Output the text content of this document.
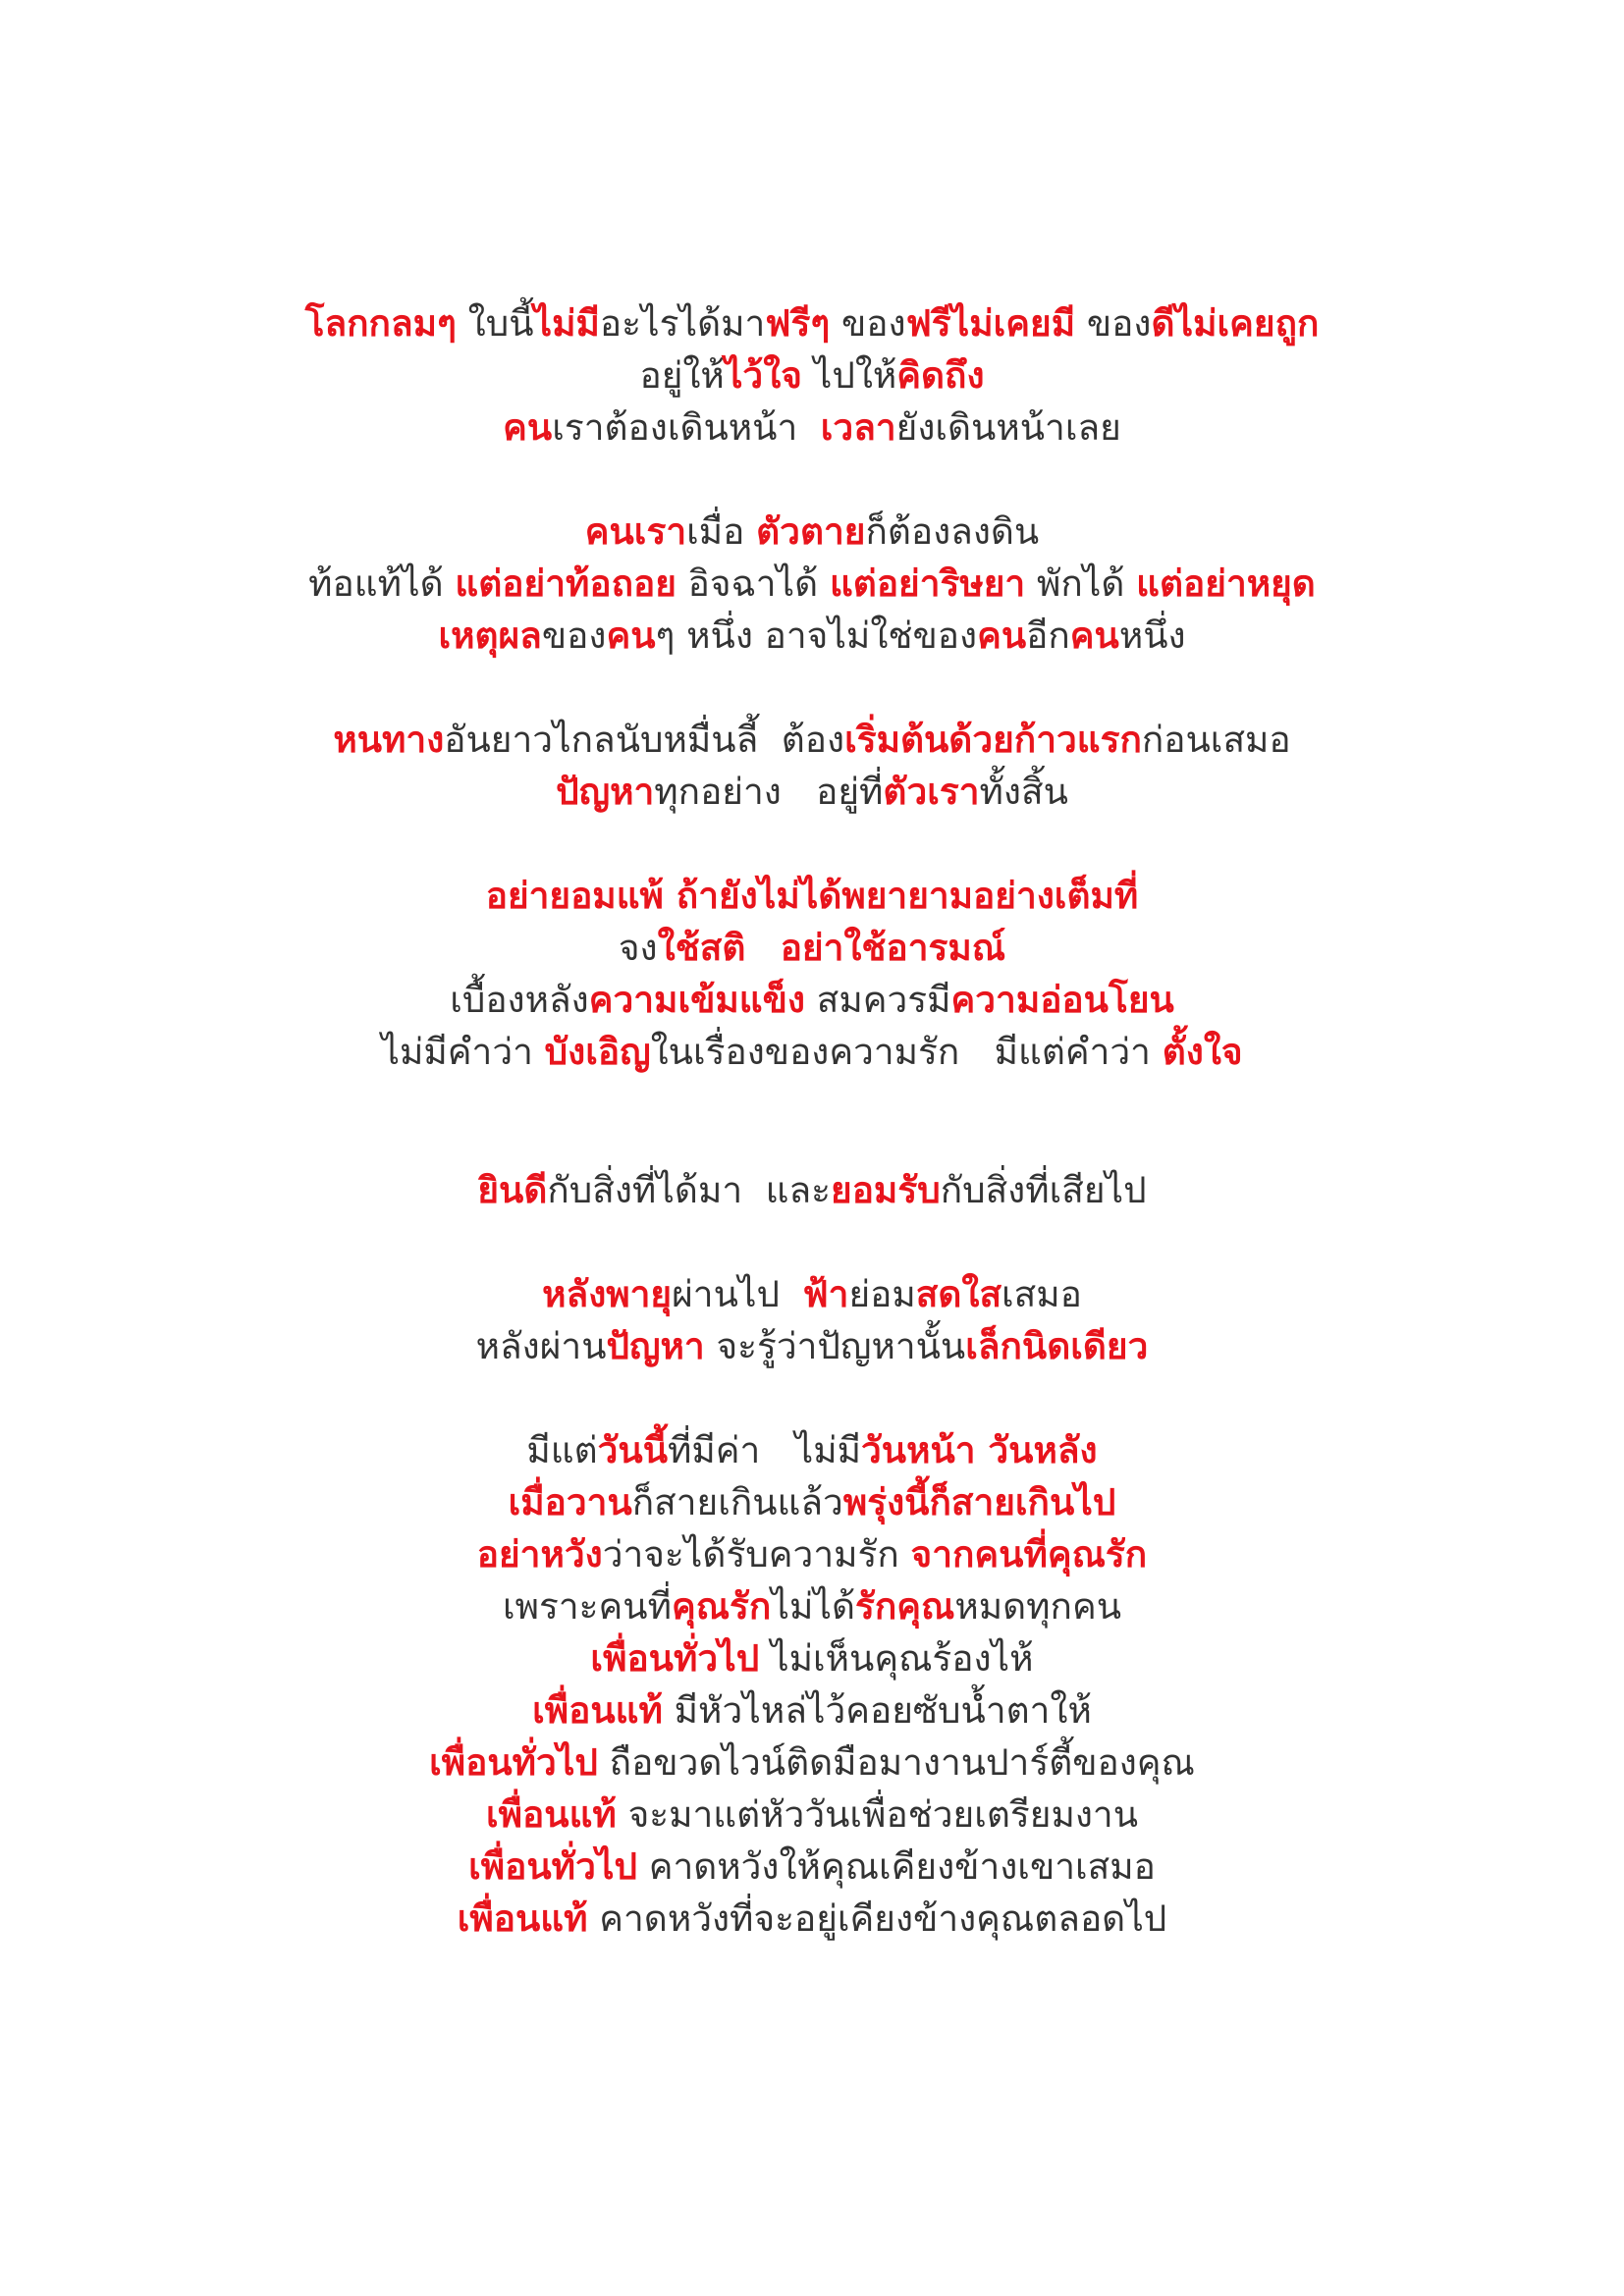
โลกกลมๆ ใบนี้ไม่มีอะไรได้มาฟรีๆ ของฟรีไม่เคยมี ของดีไม่เคยถูก
อยู่ให้ไว้ใจ ไปให้คิดถึง
คนเราต้องเดินหน้า  เวลายังเดินหน้าเลย
คนเราเมื่อ ตัวตายก็ต้องลงดิน
ท้อแท้ได้ แต่อย่าท้อถอย อิจฉาได้ แต่อย่าริษยา พักได้ แต่อย่าหยุด
เหตุผลของคนๆ หนึ่ง อาจไม่ใช่ของคนอีกคนหนึ่ง
หนทางอันยาวไกลนับหมื่นลี้  ต้องเริ่มต้นด้วยก้าวแรกก่อนเสมอ
ปัญหาทุกอย่าง   อยู่ที่ตัวเราทั้งสิ้น
อย่ายอมแพ้ ถ้ายังไม่ได้พยายามอย่างเต็มที่
จงใช้สติ อย่าใช้อารมณ์
เบื้องหลังความเข้มแข็ง สมควรมีความอ่อนโยน
ไม่มีคำว่า บังเอิญในเรื่องของความรัก   มีแต่คำว่า ตั้งใจ
ยินดีกับสิ่งที่ได้มา  และยอมรับกับสิ่งที่เสียไป
หลังพายุผ่านไป  ฟ้าย่อมสดใสเสมอ
หลังผ่านปัญหา จะรู้ว่าปัญหานั้นเล็กนิดเดียว
มีแต่วันนี้ที่มีค่า   ไม่มีวันหน้า วันหลัง
เมื่อวานก็สายเกินแล้วพรุ่งนี้ก็สายเกินไป
อย่าหวังว่าจะได้รับความรัก จากคนที่คุณรัก
เพราะคนที่คุณรักไม่ได้รักคุณหมดทุกคน
เพื่อนทั่วไป ไม่เห็นคุณร้องไห้
เพื่อนแท้ มีหัวไหล่ไว้คอยซับน้ำตาให้
เพื่อนทั่วไป ถือขวดไวน์ติดมือมางานปาร์ตี้ของคุณ
เพื่อนแท้ จะมาแต่หัววันเพื่อช่วยเตรียมงาน
เพื่อนทั่วไป คาดหวังให้คุณเคียงข้างเขาเสมอ
เพื่อนแท้ คาดหวังที่จะอยู่เคียงข้างคุณตลอดไป
